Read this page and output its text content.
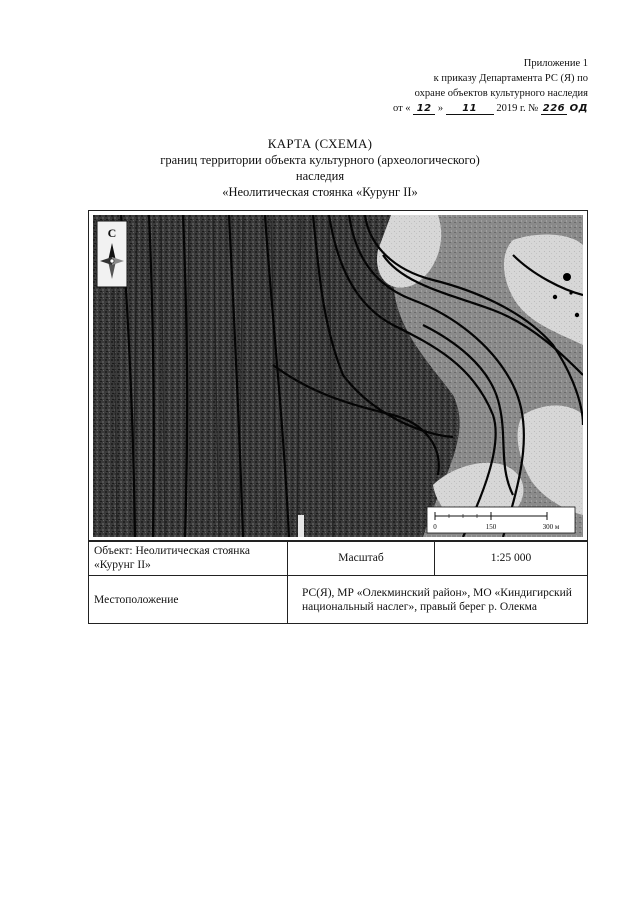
Приложение 1
к приказу Департамента РС (Я) по
охране объектов культурного наследия
от « 12 » 11 2019 г. № 226 ОД
КАРТА (СХЕМА)
границ территории объекта культурного (археологического)
наследия
«Неолитическая стоянка «Курунг II»
С
0	150	300 м
Объект: Неолитическая стоянка «Курунг II»	Масштаб	1:25 000
Местоположение	РС(Я), МР «Олекминский район», МО «Киндигирский национальный наслег», правый берег р. Олекма	
